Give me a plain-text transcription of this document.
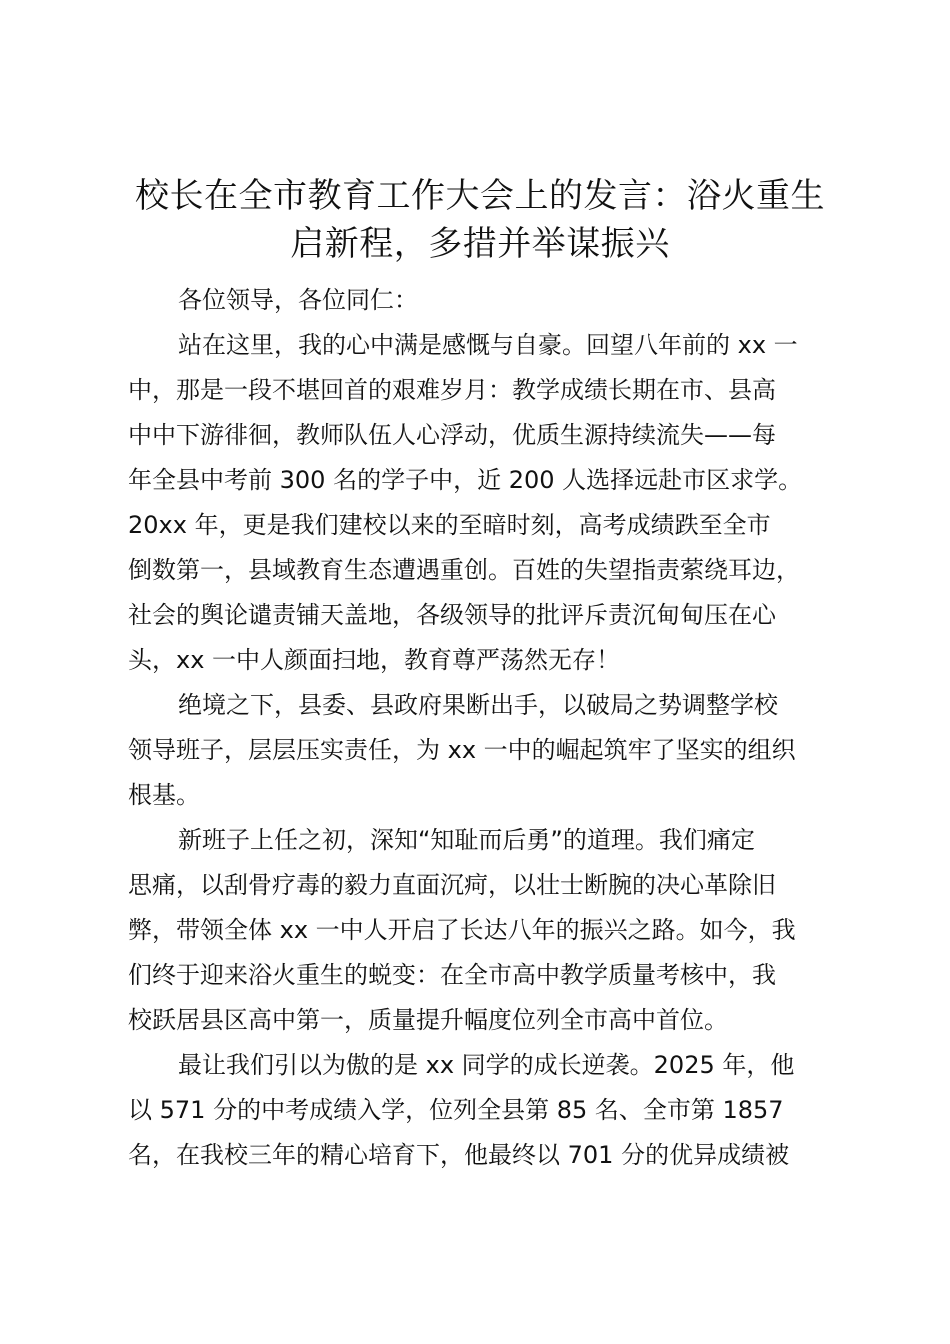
校长在全市教育工作大会上的发言：浴火重生
启新程，多措并举谋振兴
各位领导，各位同仁：
站在这里，我的心中满是感慨与自豪。回望八年前的 xx 一
中，那是一段不堪回首的艰难岁月：教学成绩长期在市、县高
中中下游徘徊，教师队伍人心浮动，优质生源持续流失——每
年全县中考前 300 名的学子中，近 200 人选择远赴市区求学。
20xx 年，更是我们建校以来的至暗时刻，高考成绩跌至全市
倒数第一，县域教育生态遭遇重创。百姓的失望指责萦绕耳边，
社会的舆论谴责铺天盖地，各级领导的批评斥责沉甸甸压在心
头，xx 一中人颜面扫地，教育尊严荡然无存！
绝境之下，县委、县政府果断出手，以破局之势调整学校
领导班子，层层压实责任，为 xx 一中的崛起筑牢了坚实的组织
根基。
新班子上任之初，深知“知耻而后勇”的道理。我们痛定
思痛，以刮骨疗毒的毅力直面沉疴，以壮士断腕的决心革除旧
弊，带领全体 xx 一中人开启了长达八年的振兴之路。如今，我
们终于迎来浴火重生的蜕变：在全市高中教学质量考核中，我
校跃居县区高中第一，质量提升幅度位列全市高中首位。
最让我们引以为傲的是 xx 同学的成长逆袭。2025 年，他
以 571 分的中考成绩入学，位列全县第 85 名、全市第 1857
名，在我校三年的精心培育下，他最终以 701 分的优异成绩被
